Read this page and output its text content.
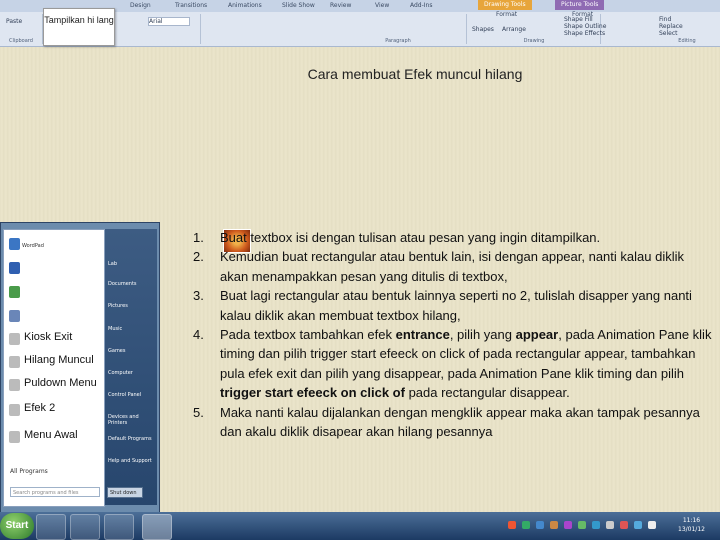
Design	Transitions	Animations	Slide Show	Review	View	Add-Ins	Drawing Tools	Picture Tools
Format	Format
Paste
Clipboard
Arial
Paragraph
Shapes Arrange
Shape Fill
Shape Outline
Shape Effects
Drawing
Find
Replace
Select
Editing
Tampilkan hi lang
Cara membuat Efek muncul hilang
WordPad
Kiosk Exit
Hilang Muncul
Puldown Menu
Efek 2
Menu Awal
All Programs
Search programs and files
Lab
Documents
Pictures
Music
Games
Computer
Control Panel
Devices and Printers
Default Programs
Help and Support
Shut down
1. Buat textbox isi dengan tulisan atau pesan yang ingin ditampilkan.
2. Kemudian buat rectangular atau bentuk lain, isi dengan appear, nanti kalau diklik akan menampakkan pesan yang ditulis di textbox,
3. Buat lagi rectangular atau bentuk lainnya seperti no 2, tulislah disapper yang nanti kalau diklik akan membuat textbox hilang,
4. Pada textbox tambahkan efek entrance, pilih yang appear, pada Animation Pane klik timing dan pilih trigger start efeeck on click of pada rectangular appear, tambahkan pula efek exit dan pilih yang disappear, pada Animation Pane klik timing dan pilih trigger start efeeck on click of pada rectangular disappear.
5. Maka nanti kalau dijalankan dengan mengklik appear maka akan tampak pesannya dan akalu diklik disapear akan hilang pesannya
Start	11:16
13/01/12
